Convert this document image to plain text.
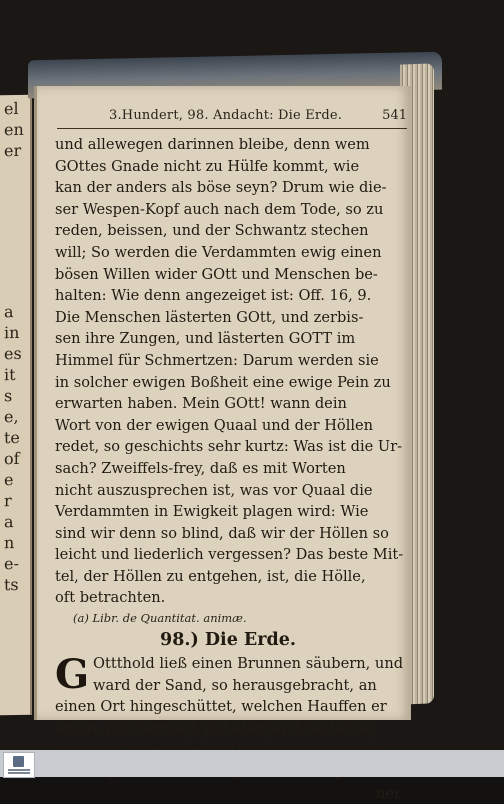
el
en
er
a
in
es
it
s
e,
te
of
e
r
a
n
e-
ts
3.Hundert, 98. Andacht: Die Erde.	541
und allewegen darinnen bleibe, denn wem
GOttes Gnade nicht zu Hülfe kommt, wie
kan der anders als böse seyn? Drum wie die-
ser Wespen-Kopf auch nach dem Tode, so zu
reden, beissen, und der Schwantz stechen
will; So werden die Verdammten ewig einen
bösen Willen wider GOtt und Menschen be-
halten: Wie denn angezeiget ist: Off. 16, 9.
Die Menschen lästerten GOtt, und zerbis-
sen ihre Zungen, und lästerten GOTT im
Himmel für Schmertzen: Darum werden sie
in solcher ewigen Boßheit eine ewige Pein zu
erwarten haben. Mein GOtt! wann dein
Wort von der ewigen Quaal und der Höllen
redet, so geschichts sehr kurtz: Was ist die Ur-
sach? Zweiffels-frey, daß es mit Worten
nicht auszusprechen ist, was vor Quaal die
Verdammten in Ewigkeit plagen wird: Wie
sind wir denn so blind, daß wir der Höllen so
leicht und liederlich vergessen? Das beste Mit-
tel, der Höllen zu entgehen, ist, die Hölle,
oft betrachten.
(a) Libr. de Quantitat. animæ.
98.) Die Erde.
G Ottthold ließ einen Brunnen säubern, und
ward der Sand, so herausgebracht, an
einen Ort hingeschüttet, welchen Hauffen er
einige Zeit hernach mit allerley Kräuter be-
ner
